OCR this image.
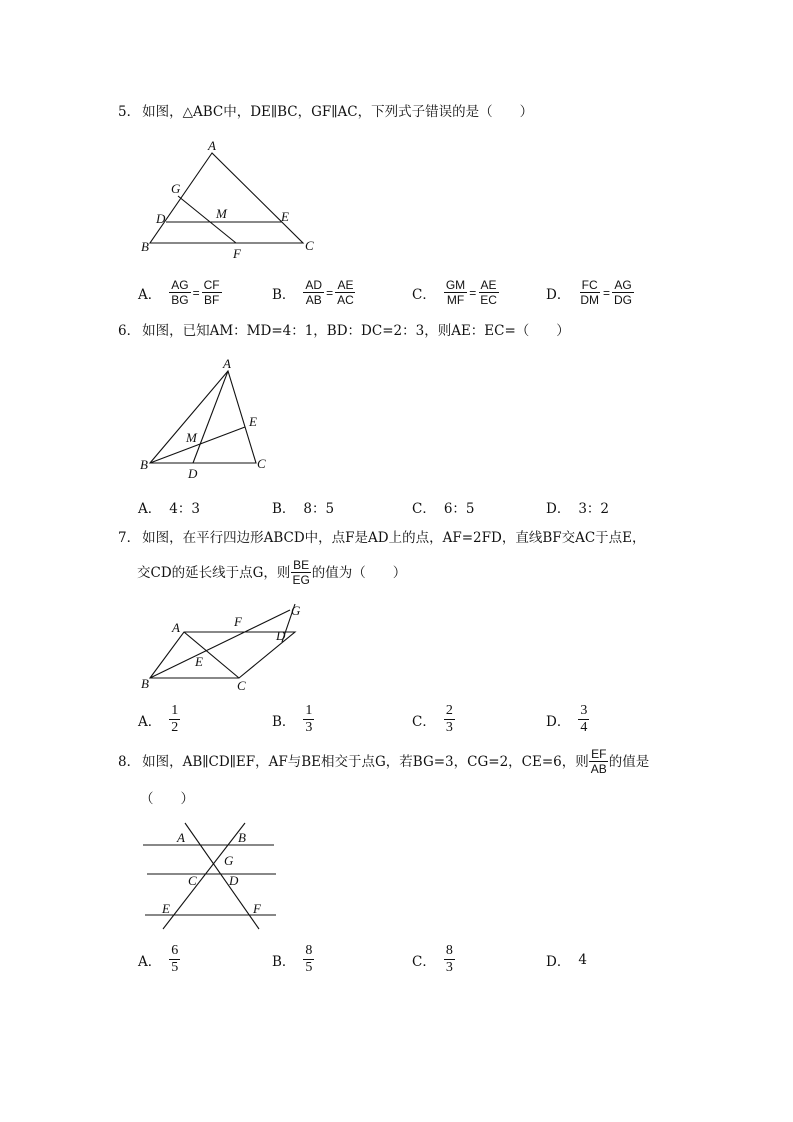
5． 如图，△ABC中，DE∥BC，GF∥AC，下列式子错误的是（　　）
A
G
D	M	E
B	F
C
A． $\frac{AG}{BG} = \frac{CF}{BF}$	B． $\frac{AD}{AB} = \frac{AE}{AC}$	C． $\frac{GM}{MF} = \frac{AE}{EC}$	D． $\frac{FC}{DM} = \frac{AG}{DG}$
6． 如图，已知AM：MD=4：1，BD：DC=2：3，则AE：EC=（　　）
A
E
M
B
D
C
A． 4：3	B． 8：5	C． 6：5	D． 3：2
7． 如图，在平行四边形ABCD中，点F是AD上的点，AF=2FD，直线BF交AC于点E，
交CD的延长线于点G，则 $\frac{BE}{EG}$ 的值为（　　）
G
A	F
D
E
B	C
A． $\frac{1}{2}$	B． $\frac{1}{3}$	C． $\frac{2}{3}$	D． $\frac{3}{4}$
8． 如图，AB∥CD∥EF，AF与BE相交于点G，若BG=3，CG=2，CE=6，则 $\frac{EF}{AB}$ 的值是
（　　）
A	B
G
C D
E	F
A． $\frac{6}{5}$	B． $\frac{8}{5}$	C． $\frac{8}{3}$	D． 4
